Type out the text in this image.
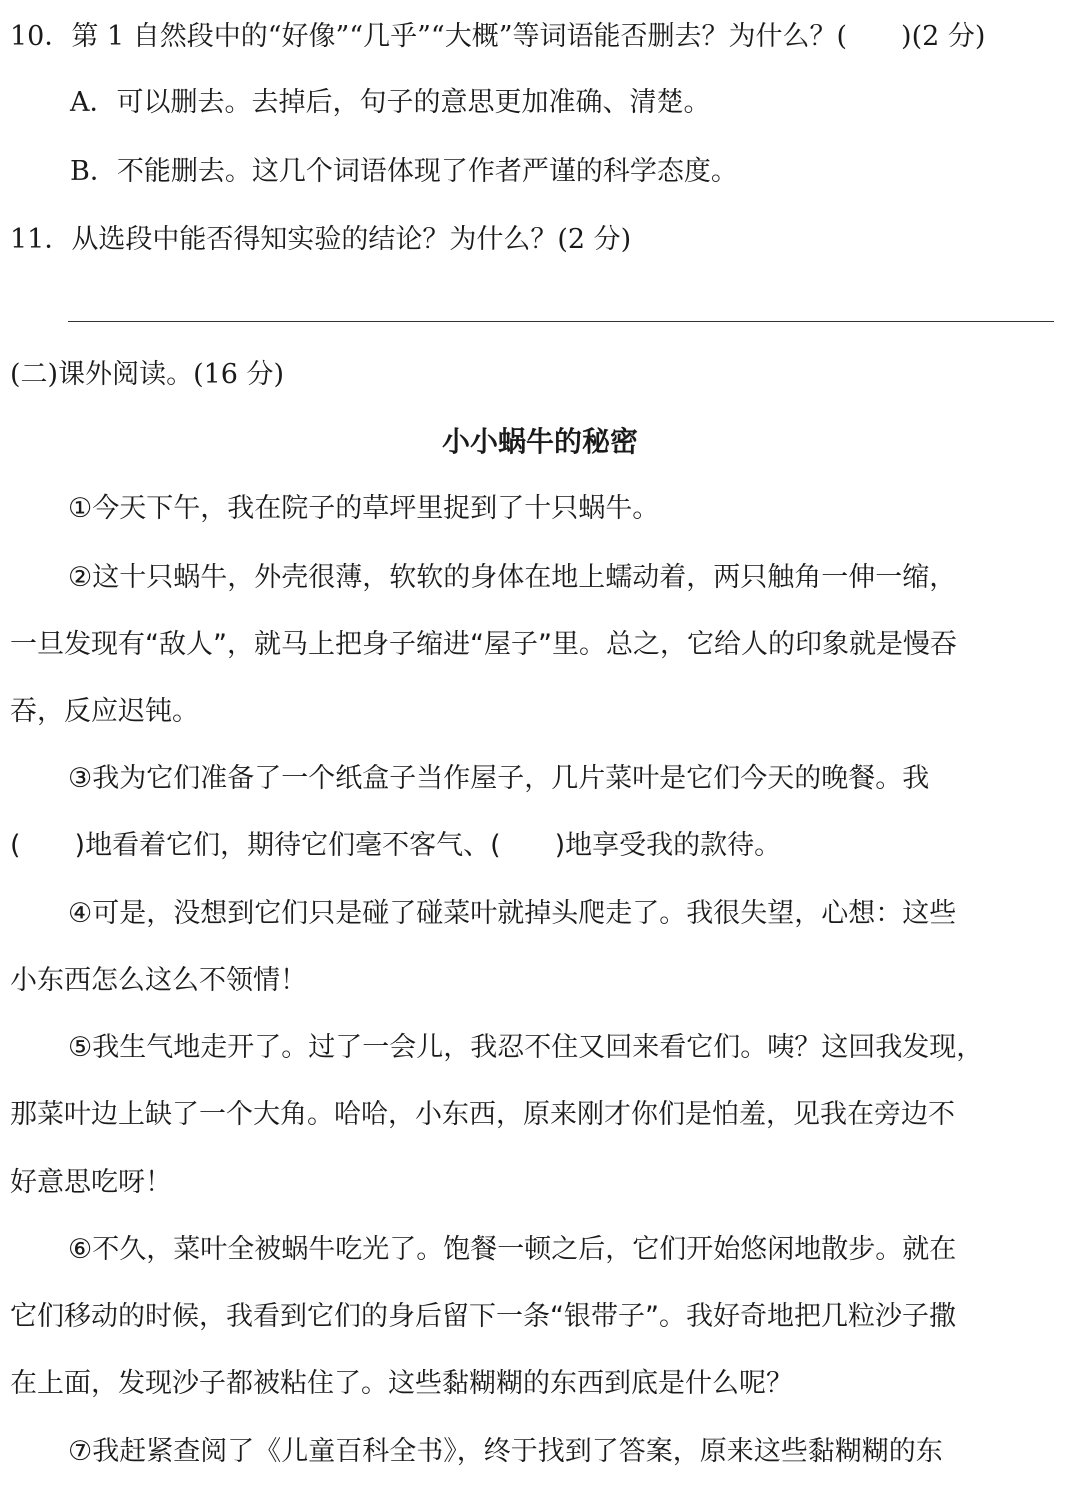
10．第 1 自然段中的“好像”“几乎”“大概”等词语能否删去？为什么？(　　)(2 分)
A．可以删去。去掉后，句子的意思更加准确、清楚。
B．不能删去。这几个词语体现了作者严谨的科学态度。
11．从选段中能否得知实验的结论？为什么？(2 分)
(二)课外阅读。(16 分)
小小蜗牛的秘密
①今天下午，我在院子的草坪里捉到了十只蜗牛。
②这十只蜗牛，外壳很薄，软软的身体在地上蠕动着，两只触角一伸一缩，
一旦发现有“敌人”，就马上把身子缩进“屋子”里。总之，它给人的印象就是慢吞
吞，反应迟钝。
③我为它们准备了一个纸盒子当作屋子，几片菜叶是它们今天的晚餐。我
(　　)地看着它们，期待它们毫不客气、(　　)地享受我的款待。
④可是，没想到它们只是碰了碰菜叶就掉头爬走了。我很失望，心想：这些
小东西怎么这么不领情！
⑤我生气地走开了。过了一会儿，我忍不住又回来看它们。咦？这回我发现，
那菜叶边上缺了一个大角。哈哈，小东西，原来刚才你们是怕羞，见我在旁边不
好意思吃呀！
⑥不久，菜叶全被蜗牛吃光了。饱餐一顿之后，它们开始悠闲地散步。就在
它们移动的时候，我看到它们的身后留下一条“银带子”。我好奇地把几粒沙子撒
在上面，发现沙子都被粘住了。这些黏糊糊的东西到底是什么呢？
⑦我赶紧查阅了《儿童百科全书》，终于找到了答案，原来这些黏糊糊的东
